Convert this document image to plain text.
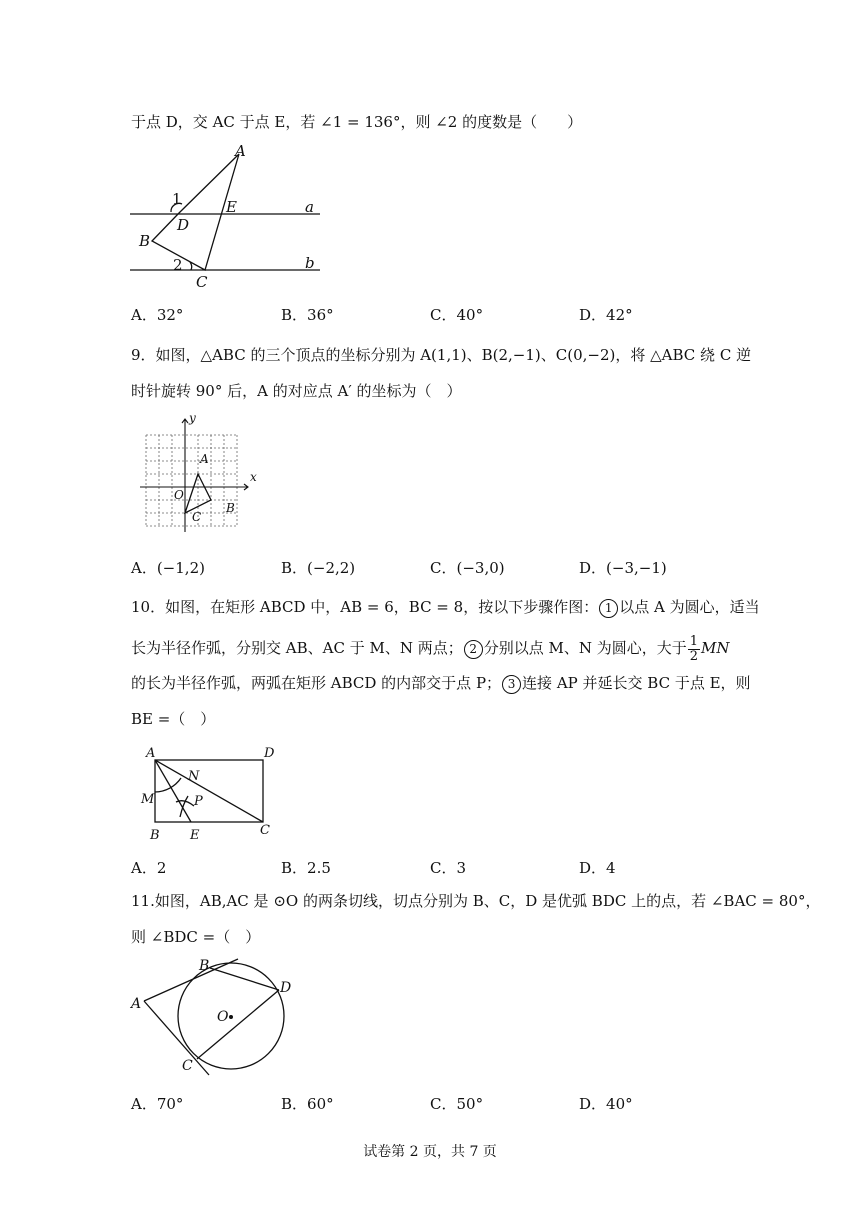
于点 D，交 AC 于点 E，若 ∠1 = 136°，则 ∠2 的度数是（　　）
A
E	a
1
D
B
2
C
b
A．32°	B．36°	C．40°	D．42°
9．如图，△ABC 的三个顶点的坐标分别为 A(1,1)、B(2,−1)、C(0,−2)，将 △ABC 绕 C 逆
时针旋转 90° 后，A 的对应点 A′ 的坐标为（　）
y
x
O
A
B
C
A．(−1,2)	B．(−2,2)	C．(−3,0)	D．(−3,−1)
10．如图，在矩形 ABCD 中，AB = 6，BC = 8，按以下步骤作图： 1 以点 A 为圆心，适当
长为半径作弧，分别交 AB、AC 于 M、N 两点； 2 分别以点 M、N 为圆心，大于 $\frac{1}{2}$ MN
的长为半径作弧，两弧在矩形 ABCD 的内部交于点 P； 3 连接 AP 并延长交 BC 于点 E，则
BE =（　）
A	D
N
M	P
B E	C
A．2	B．2.5	C．3	D．4
11.如图，AB,AC 是 ⊙O 的两条切线，切点分别为 B、C，D 是优弧 BDC 上的点，若 ∠BAC = 80°，
则 ∠BDC =（　）
B
D
A
O
C
A．70°	B．60°	C．50°	D．40°
试卷第 2 页，共 7 页
